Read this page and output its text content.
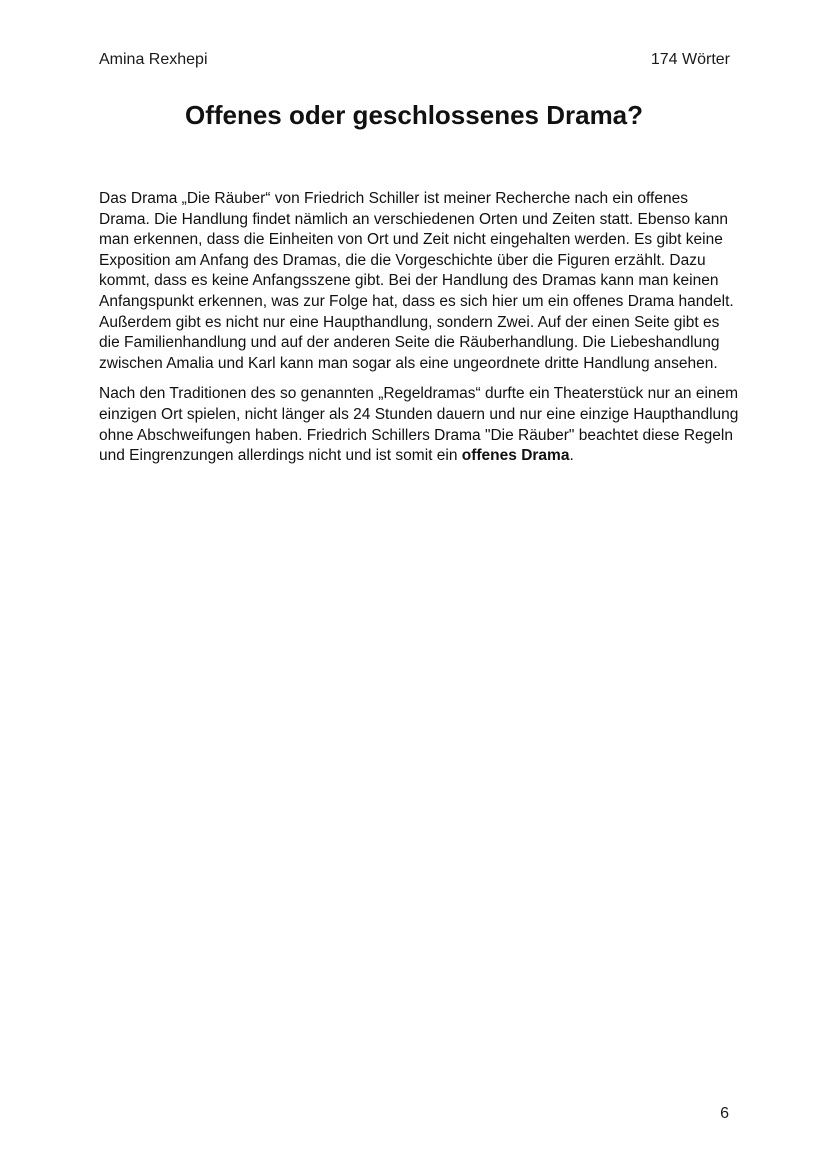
Amina Rexhepi	174 Wörter
Offenes oder geschlossenes Drama?

Das Drama „Die Räuber“ von Friedrich Schiller ist meiner Recherche nach ein offenes Drama. Die Handlung findet nämlich an verschiedenen Orten und Zeiten statt. Ebenso kann man erkennen, dass die Einheiten von Ort und Zeit nicht eingehalten werden. Es gibt keine Exposition am Anfang des Dramas, die die Vorgeschichte über die Figuren erzählt. Dazu kommt, dass es keine Anfangsszene gibt. Bei der Handlung des Dramas kann man keinen Anfangspunkt erkennen, was zur Folge hat, dass es sich hier um ein offenes Drama handelt. Außerdem gibt es nicht nur eine Haupthandlung, sondern Zwei. Auf der einen Seite gibt es die Familienhandlung und auf der anderen Seite die Räuberhandlung. Die Liebeshandlung zwischen Amalia und Karl kann man sogar als eine ungeordnete dritte Handlung ansehen.

Nach den Traditionen des so genannten „Regeldramas“ durfte ein Theaterstück nur an einem einzigen Ort spielen, nicht länger als 24 Stunden dauern und nur eine einzige Haupthandlung ohne Abschweifungen haben. Friedrich Schillers Drama "Die Räuber" beachtet diese Regeln und Eingrenzungen allerdings nicht und ist somit ein offenes Drama.

6
